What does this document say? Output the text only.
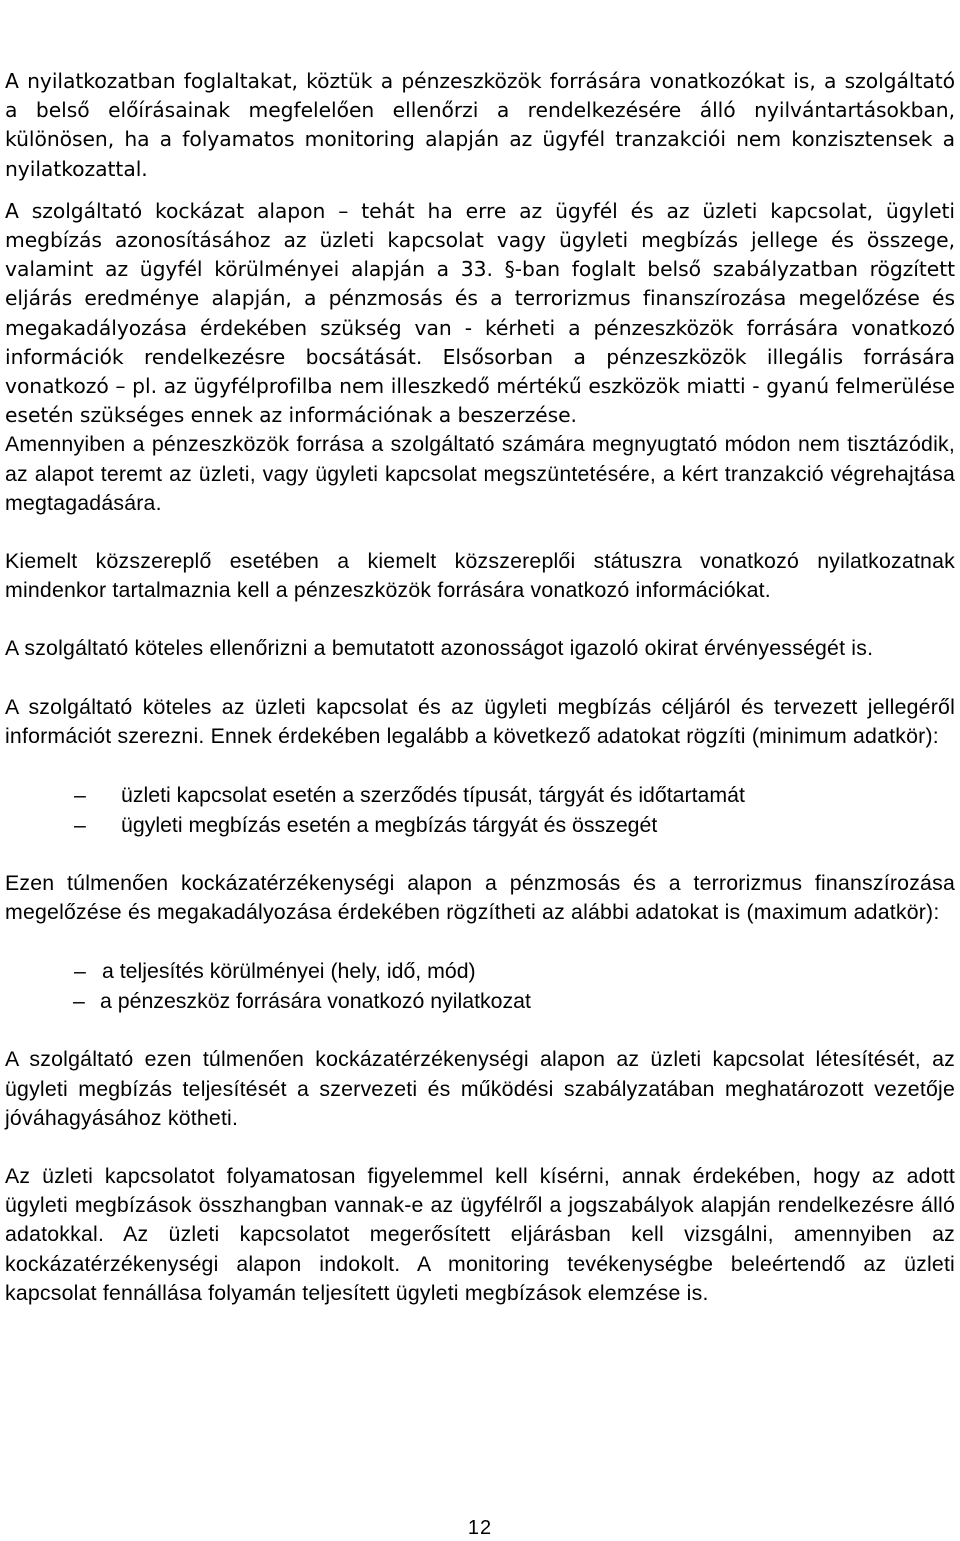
A nyilatkozatban foglaltakat, köztük a pénzeszközök forrására vonatkozókat is, a szolgáltató a belső előírásainak megfelelően ellenőrzi a rendelkezésére álló nyilvántartásokban, különösen, ha a folyamatos monitoring alapján az ügyfél tranzakciói nem konzisztensek a nyilatkozattal.

A szolgáltató kockázat alapon – tehát ha erre az ügyfél és az üzleti kapcsolat, ügyleti megbízás azonosításához az üzleti kapcsolat vagy ügyleti megbízás jellege és összege, valamint az ügyfél körülményei alapján a 33. §-ban foglalt belső szabályzatban rögzített eljárás eredménye alapján, a pénzmosás és a terrorizmus finanszírozása megelőzése és megakadályozása érdekében szükség van - kérheti a pénzeszközök forrására vonatkozó információk rendelkezésre bocsátását. Elsősorban a pénzeszközök illegális forrására vonatkozó – pl. az ügyfélprofilba nem illeszkedő mértékű eszközök miatti - gyanú felmerülése esetén szükséges ennek az információnak a beszerzése.

Amennyiben a pénzeszközök forrása a szolgáltató számára megnyugtató módon nem tisztázódik, az alapot teremt az üzleti, vagy ügyleti kapcsolat megszüntetésére, a kért tranzakció végrehajtása megtagadására.

Kiemelt közszereplő esetében a kiemelt közszereplői státuszra vonatkozó nyilatkozatnak mindenkor tartalmaznia kell a pénzeszközök forrására vonatkozó információkat.

A szolgáltató köteles ellenőrizni a bemutatott azonosságot igazoló okirat érvényességét is.

A szolgáltató köteles az üzleti kapcsolat és az ügyleti megbízás céljáról és tervezett jellegéről információt szerezni. Ennek érdekében legalább a következő adatokat rögzíti (minimum adatkör):

–	üzleti kapcsolat esetén a szerződés típusát, tárgyát és időtartamát
–	ügyleti megbízás esetén a megbízás tárgyát és összegét

Ezen túlmenően kockázatérzékenységi alapon a pénzmosás és a terrorizmus finanszírozása megelőzése és megakadályozása érdekében rögzítheti az alábbi adatokat is (maximum adatkör):

– a teljesítés körülményei (hely, idő, mód)
– a pénzeszköz forrására vonatkozó nyilatkozat

A szolgáltató ezen túlmenően kockázatérzékenységi alapon az üzleti kapcsolat létesítését, az ügyleti megbízás teljesítését a szervezeti és működési szabályzatában meghatározott vezetője jóváhagyásához kötheti.

Az üzleti kapcsolatot folyamatosan figyelemmel kell kísérni, annak érdekében, hogy az adott ügyleti megbízások összhangban vannak-e az ügyfélről a jogszabályok alapján rendelkezésre álló adatokkal. Az üzleti kapcsolatot megerősített eljárásban kell vizsgálni, amennyiben az kockázatérzékenységi alapon indokolt. A monitoring tevékenységbe beleértendő az üzleti kapcsolat fennállása folyamán teljesített ügyleti megbízások elemzése is.

12
